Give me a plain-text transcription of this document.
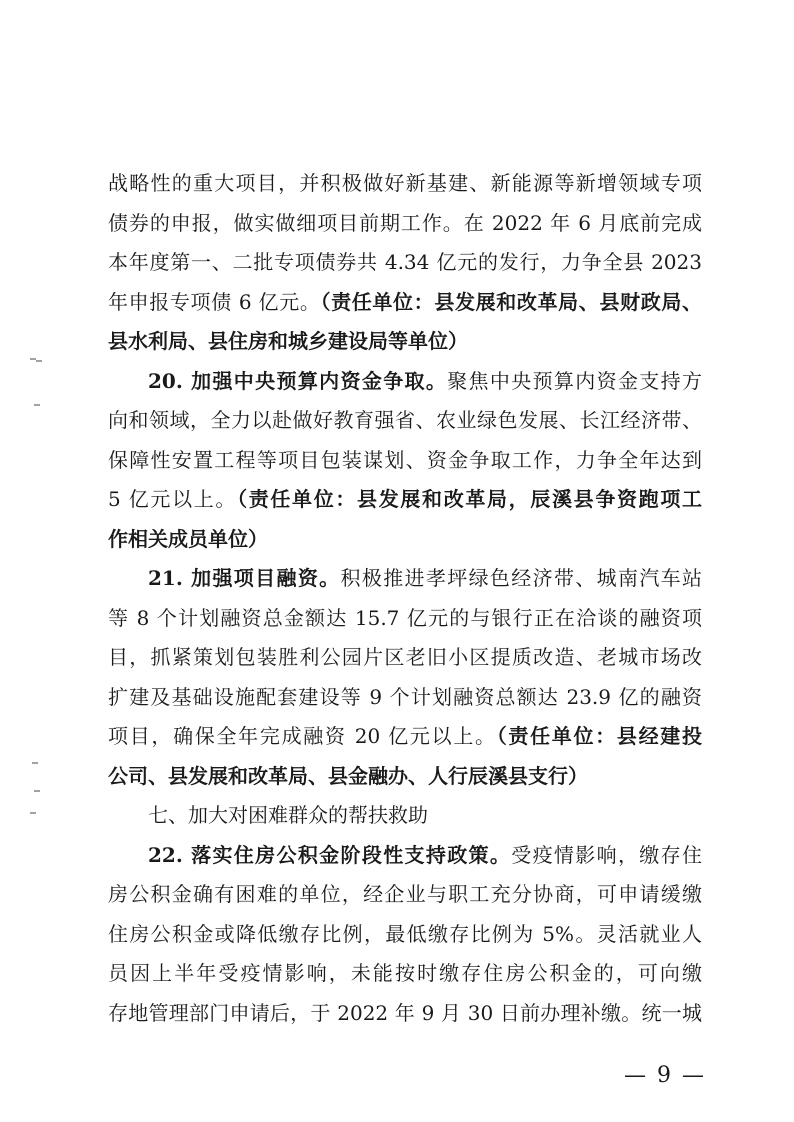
战略性的重大项目，并积极做好新基建、新能源等新增领域专项
债券的申报，做实做细项目前期工作。在 2022 年 6 月底前完成
本年度第一、二批专项债券共 4.34 亿元的发行，力争全县 2023
年申报专项债 6 亿元。（责任单位：县发展和改革局、县财政局、
县水利局、县住房和城乡建设局等单位）
20. 加强中央预算内资金争取。聚焦中央预算内资金支持方
向和领域，全力以赴做好教育强省、农业绿色发展、长江经济带、
保障性安置工程等项目包装谋划、资金争取工作，力争全年达到
5 亿元以上。（责任单位：县发展和改革局，辰溪县争资跑项工
作相关成员单位）
21. 加强项目融资。积极推进孝坪绿色经济带、城南汽车站
等 8 个计划融资总金额达 15.7 亿元的与银行正在洽谈的融资项
目，抓紧策划包装胜利公园片区老旧小区提质改造、老城市场改
扩建及基础设施配套建设等 9 个计划融资总额达 23.9 亿的融资
项目，确保全年完成融资 20 亿元以上。（责任单位：县经建投
公司、县发展和改革局、县金融办、人行辰溪县支行）
七、加大对困难群众的帮扶救助
22. 落实住房公积金阶段性支持政策。受疫情影响，缴存住
房公积金确有困难的单位，经企业与职工充分协商，可申请缓缴
住房公积金或降低缴存比例，最低缴存比例为 5%。灵活就业人
员因上半年受疫情影响，未能按时缴存住房公积金的，可向缴
存地管理部门申请后，于 2022 年 9 月 30 日前办理补缴。统一城
— 9 —
